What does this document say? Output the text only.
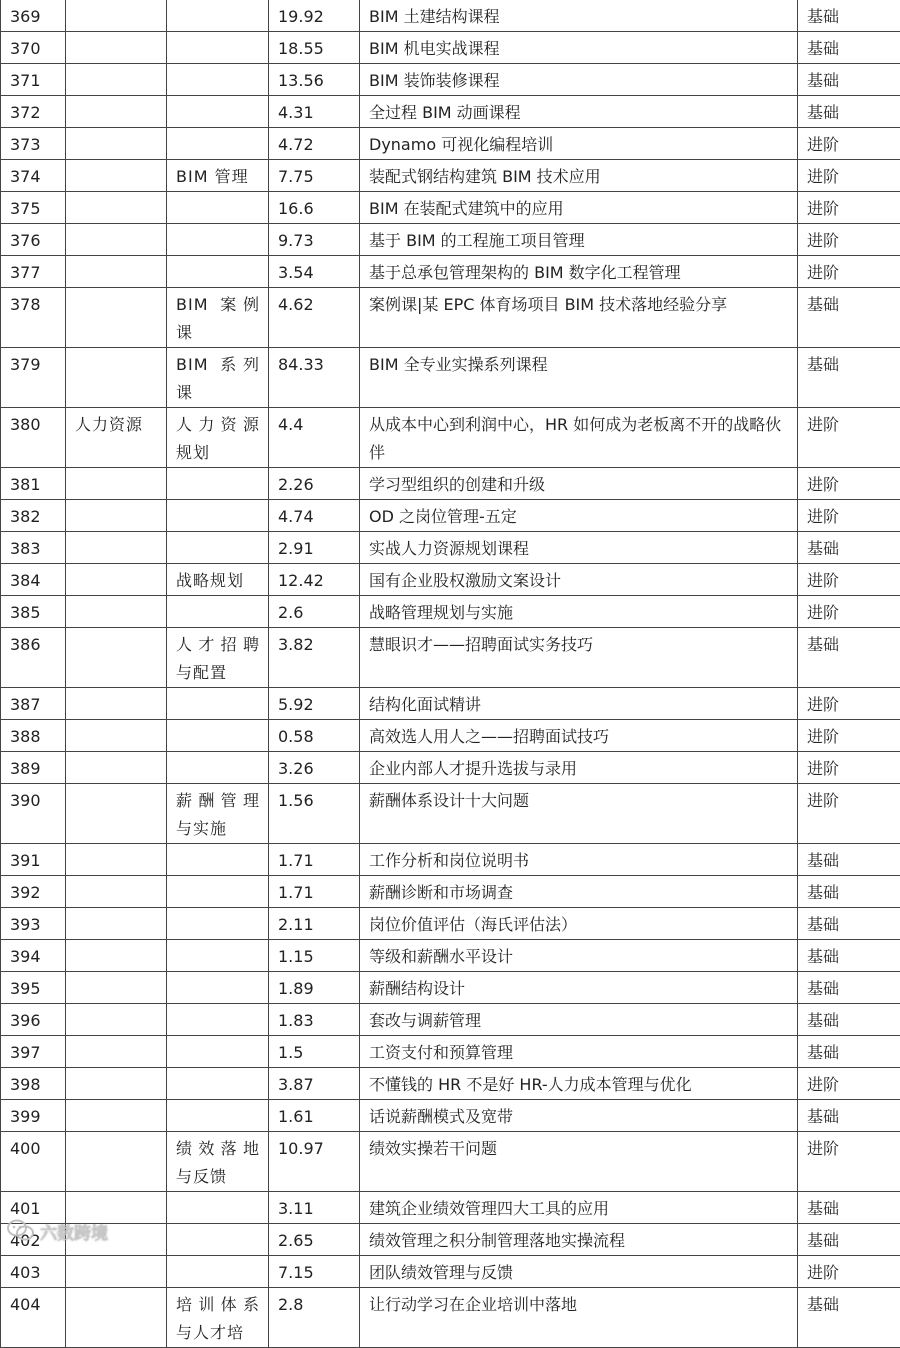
369			19.92	BIM 土建结构课程	基础
370			18.55	BIM 机电实战课程	基础
371			13.56	BIM 装饰装修课程	基础
372			4.31	全过程 BIM 动画课程	基础
373			4.72	Dynamo 可视化编程培训	进阶
374		BIM 管理	7.75	装配式钢结构建筑 BIM 技术应用	进阶
375			16.6	BIM 在装配式建筑中的应用	进阶
376			9.73	基于 BIM 的工程施工项目管理	进阶
377			3.54	基于总承包管理架构的 BIM 数字化工程管理	进阶
378		BIM 案例课	4.62	案例课|某 EPC 体育场项目 BIM 技术落地经验分享	基础
379		BIM 系列课	84.33	BIM 全专业实操系列课程	基础
380	人力资源	人力资源规划	4.4	从成本中心到利润中心，HR 如何成为老板离不开的战略伙伴	进阶
381			2.26	学习型组织的创建和升级	进阶
382			4.74	OD 之岗位管理-五定	进阶
383			2.91	实战人力资源规划课程	基础
384		战略规划	12.42	国有企业股权激励文案设计	进阶
385			2.6	战略管理规划与实施	进阶
386		人才招聘与配置	3.82	慧眼识才——招聘面试实务技巧	基础
387			5.92	结构化面试精讲	进阶
388			0.58	高效选人用人之——招聘面试技巧	进阶
389			3.26	企业内部人才提升选拔与录用	进阶
390		薪酬管理与实施	1.56	薪酬体系设计十大问题	进阶
391			1.71	工作分析和岗位说明书	基础
392			1.71	薪酬诊断和市场调查	基础
393			2.11	岗位价值评估（海氏评估法）	基础
394			1.15	等级和薪酬水平设计	基础
395			1.89	薪酬结构设计	基础
396			1.83	套改与调薪管理	基础
397			1.5	工资支付和预算管理	基础
398			3.87	不懂钱的 HR 不是好 HR-人力成本管理与优化	进阶
399			1.61	话说薪酬模式及宽带	基础
400		绩效落地与反馈	10.97	绩效实操若干问题	进阶
401			3.11	建筑企业绩效管理四大工具的应用	基础
402			2.65	绩效管理之积分制管理落地实操流程	基础
403			7.15	团队绩效管理与反馈	进阶
404		培训体系与人才培	2.8	让行动学习在企业培训中落地	基础
六数跨境
